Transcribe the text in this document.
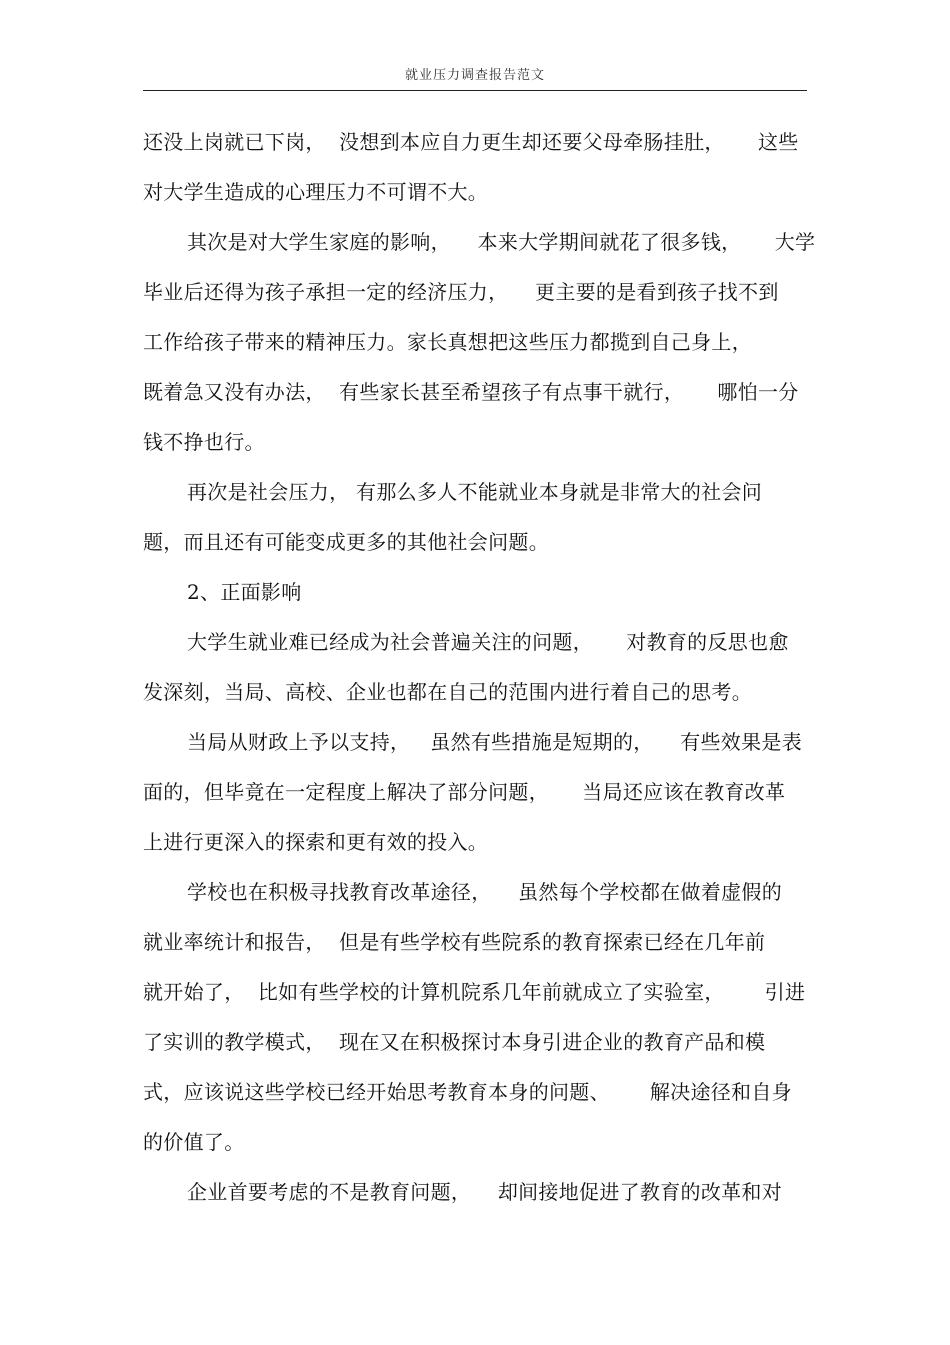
就业压力调查报告范文
还没上岗就已下岗，  没想到本应自力更生却还要父母牵肠挂肚，     这些
对大学生造成的心理压力不可谓不大。
其次是对大学生家庭的影响，    本来大学期间就花了很多钱，     大学
毕业后还得为孩子承担一定的经济压力，    更主要的是看到孩子找不到
工作给孩子带来的精神压力。家长真想把这些压力都揽到自己身上，
既着急又没有办法，  有些家长甚至希望孩子有点事干就行，     哪怕一分
钱不挣也行。
再次是社会压力， 有那么多人不能就业本身就是非常大的社会问
题，而且还有可能变成更多的其他社会问题。
2、正面影响
大学生就业难已经成为社会普遍关注的问题，     对教育的反思也愈
发深刻，当局、高校、企业也都在自己的范围内进行着自己的思考。
当局从财政上予以支持，   虽然有些措施是短期的，    有些效果是表
面的，但毕竟在一定程度上解决了部分问题，     当局还应该在教育改革
上进行更深入的探索和更有效的投入。
学校也在积极寻找教育改革途径，    虽然每个学校都在做着虚假的
就业率统计和报告，  但是有些学校有些院系的教育探索已经在几年前
就开始了，  比如有些学校的计算机院系几年前就成立了实验室，      引进
了实训的教学模式，  现在又在积极探讨本身引进企业的教育产品和模
式，应该说这些学校已经开始思考教育本身的问题、      解决途径和自身
的价值了。
企业首要考虑的不是教育问题，    却间接地促进了教育的改革和对
